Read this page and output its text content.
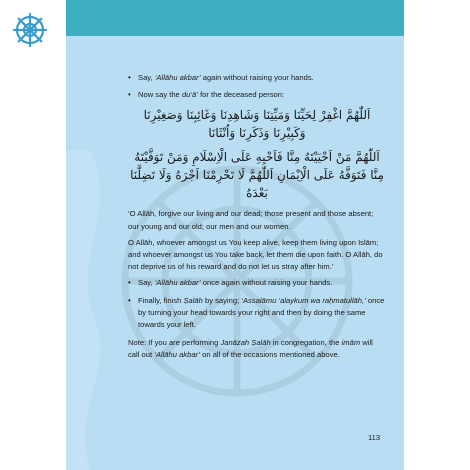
• Say, ‘Allāhu akbar’ again without raising your hands.
• Now say the du‘ā’ for the deceased person:
اَللّٰهُمَّ اغْفِرْ لِحَيِّنَا وَمَيِّتِنَا وَشَاهِدِنَا وَغَائِبِنَا وَصَغِيْرِنَا وَكَبِيْرِنَا وَذَكَرِنَا وَاُنْثَانَا
اَللّٰهُمَّ مَنْ اَحْيَيْتَهُ مِنَّا فَاَحْيِهِ عَلَى الْاِسْلَامِ وَمَنْ تَوَفَّيْتَهُ مِنَّا فَتَوَفَّهُ عَلَى الْاِيْمَانِ اَللّٰهُمَّ لَا تَحْرِمْنَا اَجْرَهُ وَلَا تَضِلَّنَا بَعْدَهُ

‘O Allāh, forgive our living and our dead; those present and those absent; our young and our old; our men and our women.

O Allāh, whoever amongst us You keep alive, keep them living upon Islām; and whoever amongst us You take back, let them die upon faith. O Allāh, do not deprive us of his reward and do not let us stray after him.’

• Say, ‘Allāhu akbar’ once again without raising your hands.
• Finally, finish Ṣalāh by saying; ‘Assalāmu ‘alaykum wa raḥmatullāh,’ once by turning your head towards your right and then by doing the same towards your left.

Note: If you are performing Janāzah Ṣalāh in congregation, the imām will call out ‘Allāhu akbar’ on all of the occasions mentioned above.

113
